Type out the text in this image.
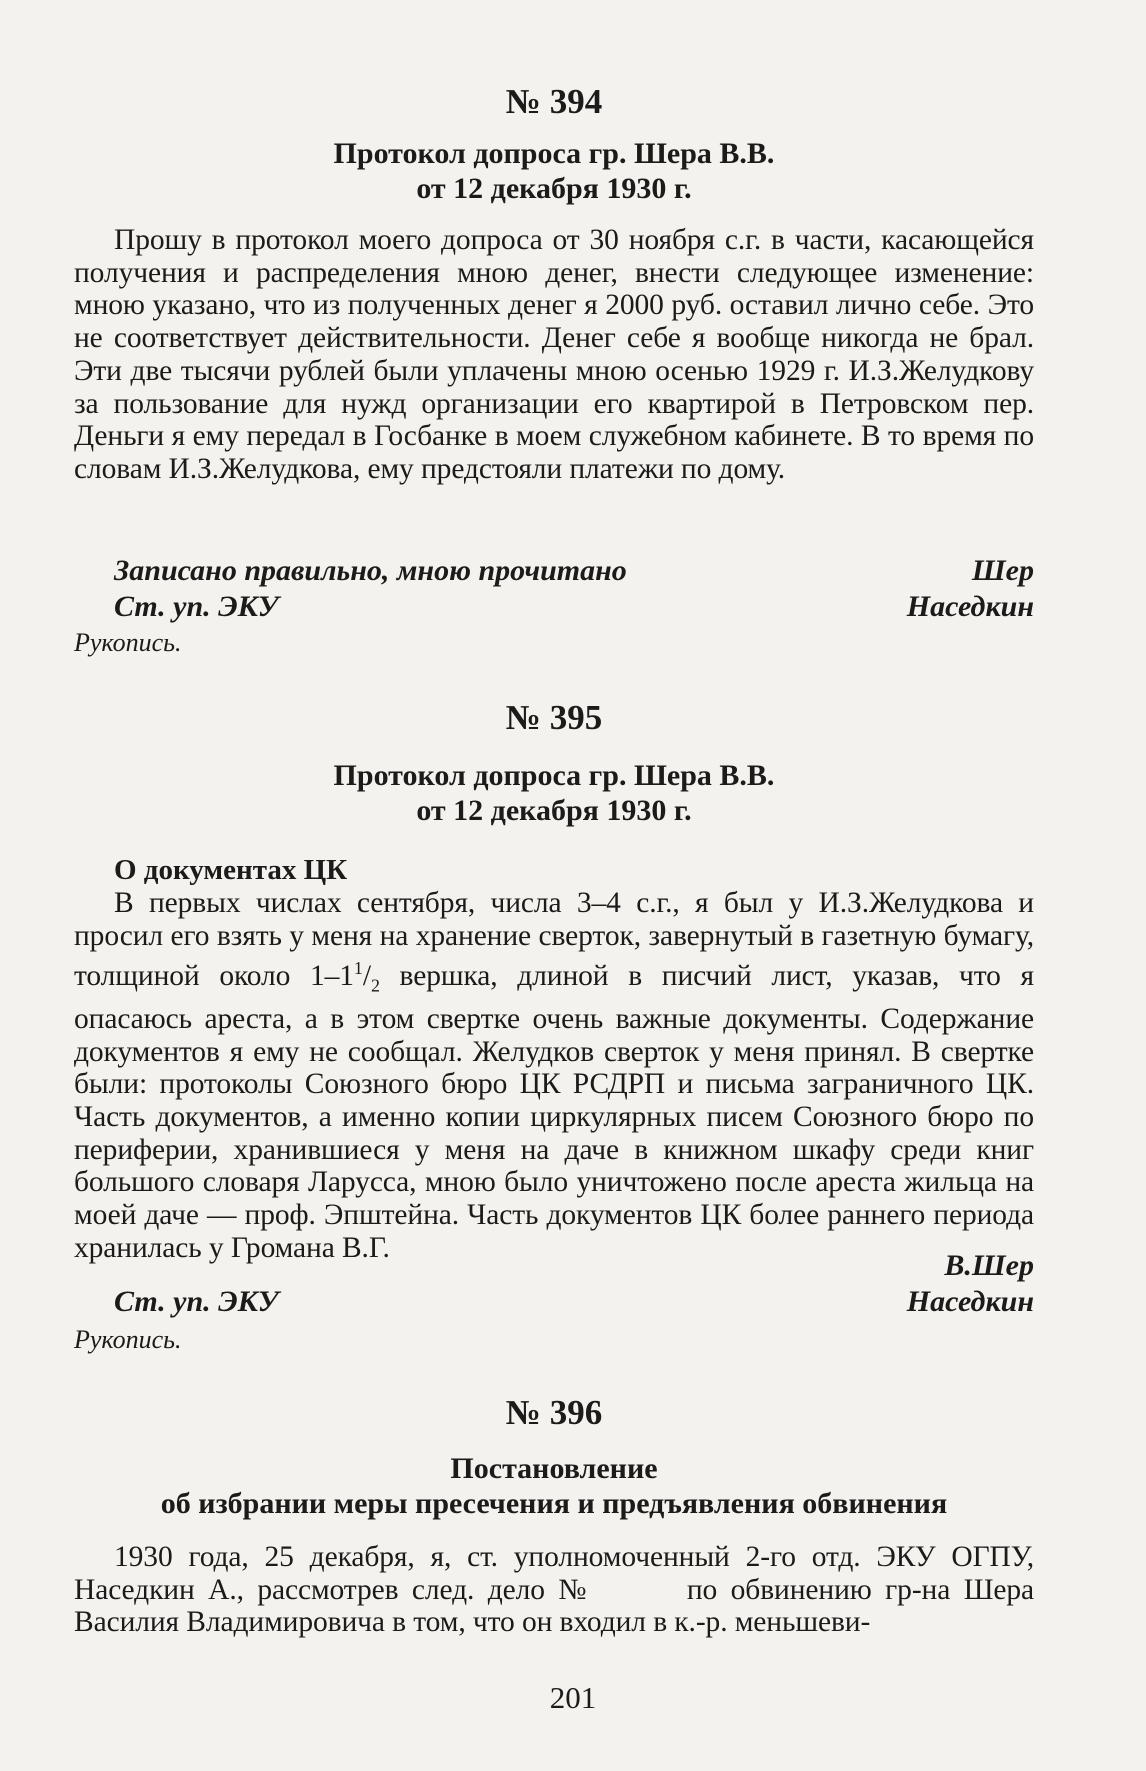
№ 394

Протокол допроса гр. Шера В.В.

от 12 декабря 1930 г.

Прошу в протокол моего допроса от 30 ноября с.г. в части, касающейся получения и распределения мною денег, внести следующее изменение: мною указано, что из полученных денег я 2000 руб. оставил лично себе. Это не соответствует действительности. Денег себе я вообще никогда не брал. Эти две тысячи рублей были уплачены мною осенью 1929 г. И.З.Желудкову за пользование для нужд организации его квартирой в Петровском пер. Деньги я ему передал в Госбанке в моем служебном кабинете. В то время по словам И.З.Желудкова, ему предстояли платежи по дому.

Записано правильно, мною прочитано	Шер
Ст. уп. ЭКУ	Наседкин

Рукопись.

№ 395

Протокол допроса гр. Шера В.В.

от 12 декабря 1930 г.

О документах ЦК

В первых числах сентября, числа 3–4 с.г., я был у И.З.Желудкова и просил его взять у меня на хранение сверток, завернутый в газетную бумагу, толщиной около $1-1^1/_2$ вершка, длиной в писчий лист, указав, что я опасаюсь ареста, а в этом свертке очень важные документы. Содержание документов я ему не сообщал. Желудков сверток у меня принял. В свертке были: протоколы Союзного бюро ЦК РСДРП и письма заграничного ЦК. Часть документов, а именно копии циркулярных писем Союзного бюро по периферии, хранившиеся у меня на даче в книжном шкафу среди книг большого словаря Ларусса, мною было уничтожено после ареста жильца на моей даче — проф. Эпштейна. Часть документов ЦК более раннего периода хранилась у Громана В.Г.

В.Шер
Ст. уп. ЭКУ	Наседкин

Рукопись.

№ 396

Постановление

об избрании меры пресечения и предъявления обвинения

1930 года, 25 декабря, я, ст. уполномоченный 2-го отд. ЭКУ ОГПУ, Наседкин А., рассмотрев след. дело №       по обвинению гр-на Шера Василия Владимировича в том, что он входил в к.-р. меньшеви-

201
